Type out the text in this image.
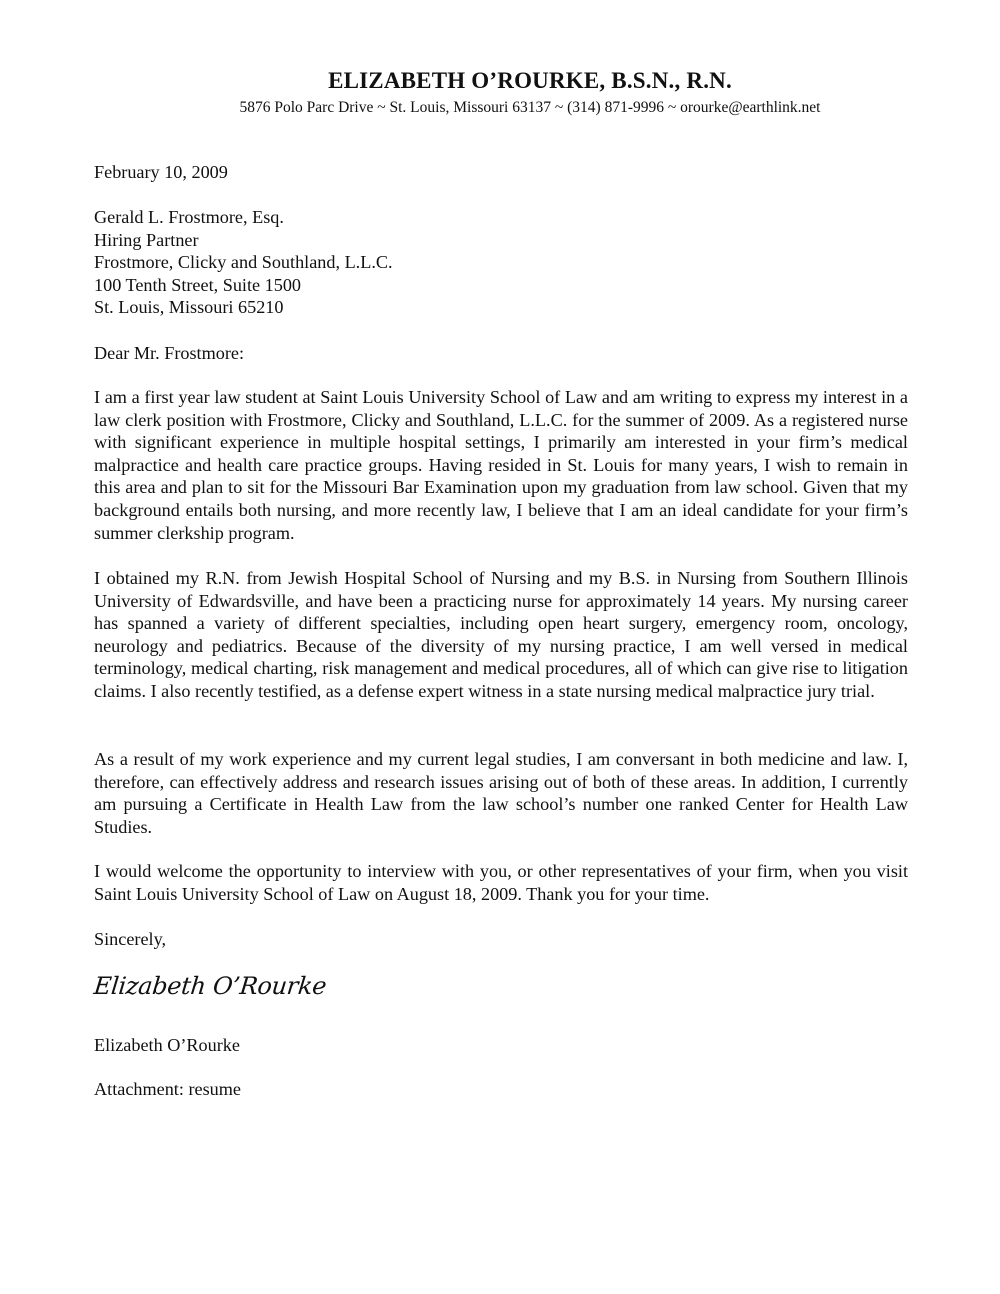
ELIZABETH O’ROURKE, B.S.N., R.N.
5876 Polo Parc Drive ~ St. Louis, Missouri 63137 ~ (314) 871-9996 ~ orourke@earthlink.net
February 10, 2009
Gerald L. Frostmore, Esq.
Hiring Partner
Frostmore, Clicky and Southland, L.L.C.
100 Tenth Street, Suite 1500
St. Louis, Missouri 65210
Dear Mr. Frostmore:
I am a first year law student at Saint Louis University School of Law and am writing to express my interest in a law clerk position with Frostmore, Clicky and Southland, L.L.C. for the summer of 2009. As a registered nurse with significant experience in multiple hospital settings, I primarily am interested in your firm’s medical malpractice and health care practice groups. Having resided in St. Louis for many years, I wish to remain in this area and plan to sit for the Missouri Bar Examination upon my graduation from law school. Given that my background entails both nursing, and more recently law, I believe that I am an ideal candidate for your firm’s summer clerkship program.
I obtained my R.N. from Jewish Hospital School of Nursing and my B.S. in Nursing from Southern Illinois University of Edwardsville, and have been a practicing nurse for approximately 14 years. My nursing career has spanned a variety of different specialties, including open heart surgery, emergency room, oncology, neurology and pediatrics. Because of the diversity of my nursing practice, I am well versed in medical terminology, medical charting, risk management and medical procedures, all of which can give rise to litigation claims. I also recently testified, as a defense expert witness in a state nursing medical malpractice jury trial.
As a result of my work experience and my current legal studies, I am conversant in both medicine and law. I, therefore, can effectively address and research issues arising out of both of these areas. In addition, I currently am pursuing a Certificate in Health Law from the law school’s number one ranked Center for Health Law Studies.
I would welcome the opportunity to interview with you, or other representatives of your firm, when you visit Saint Louis University School of Law on August 18, 2009. Thank you for your time.
Sincerely,
Elizabeth O’Rourke
Elizabeth O’Rourke
Attachment: resume
